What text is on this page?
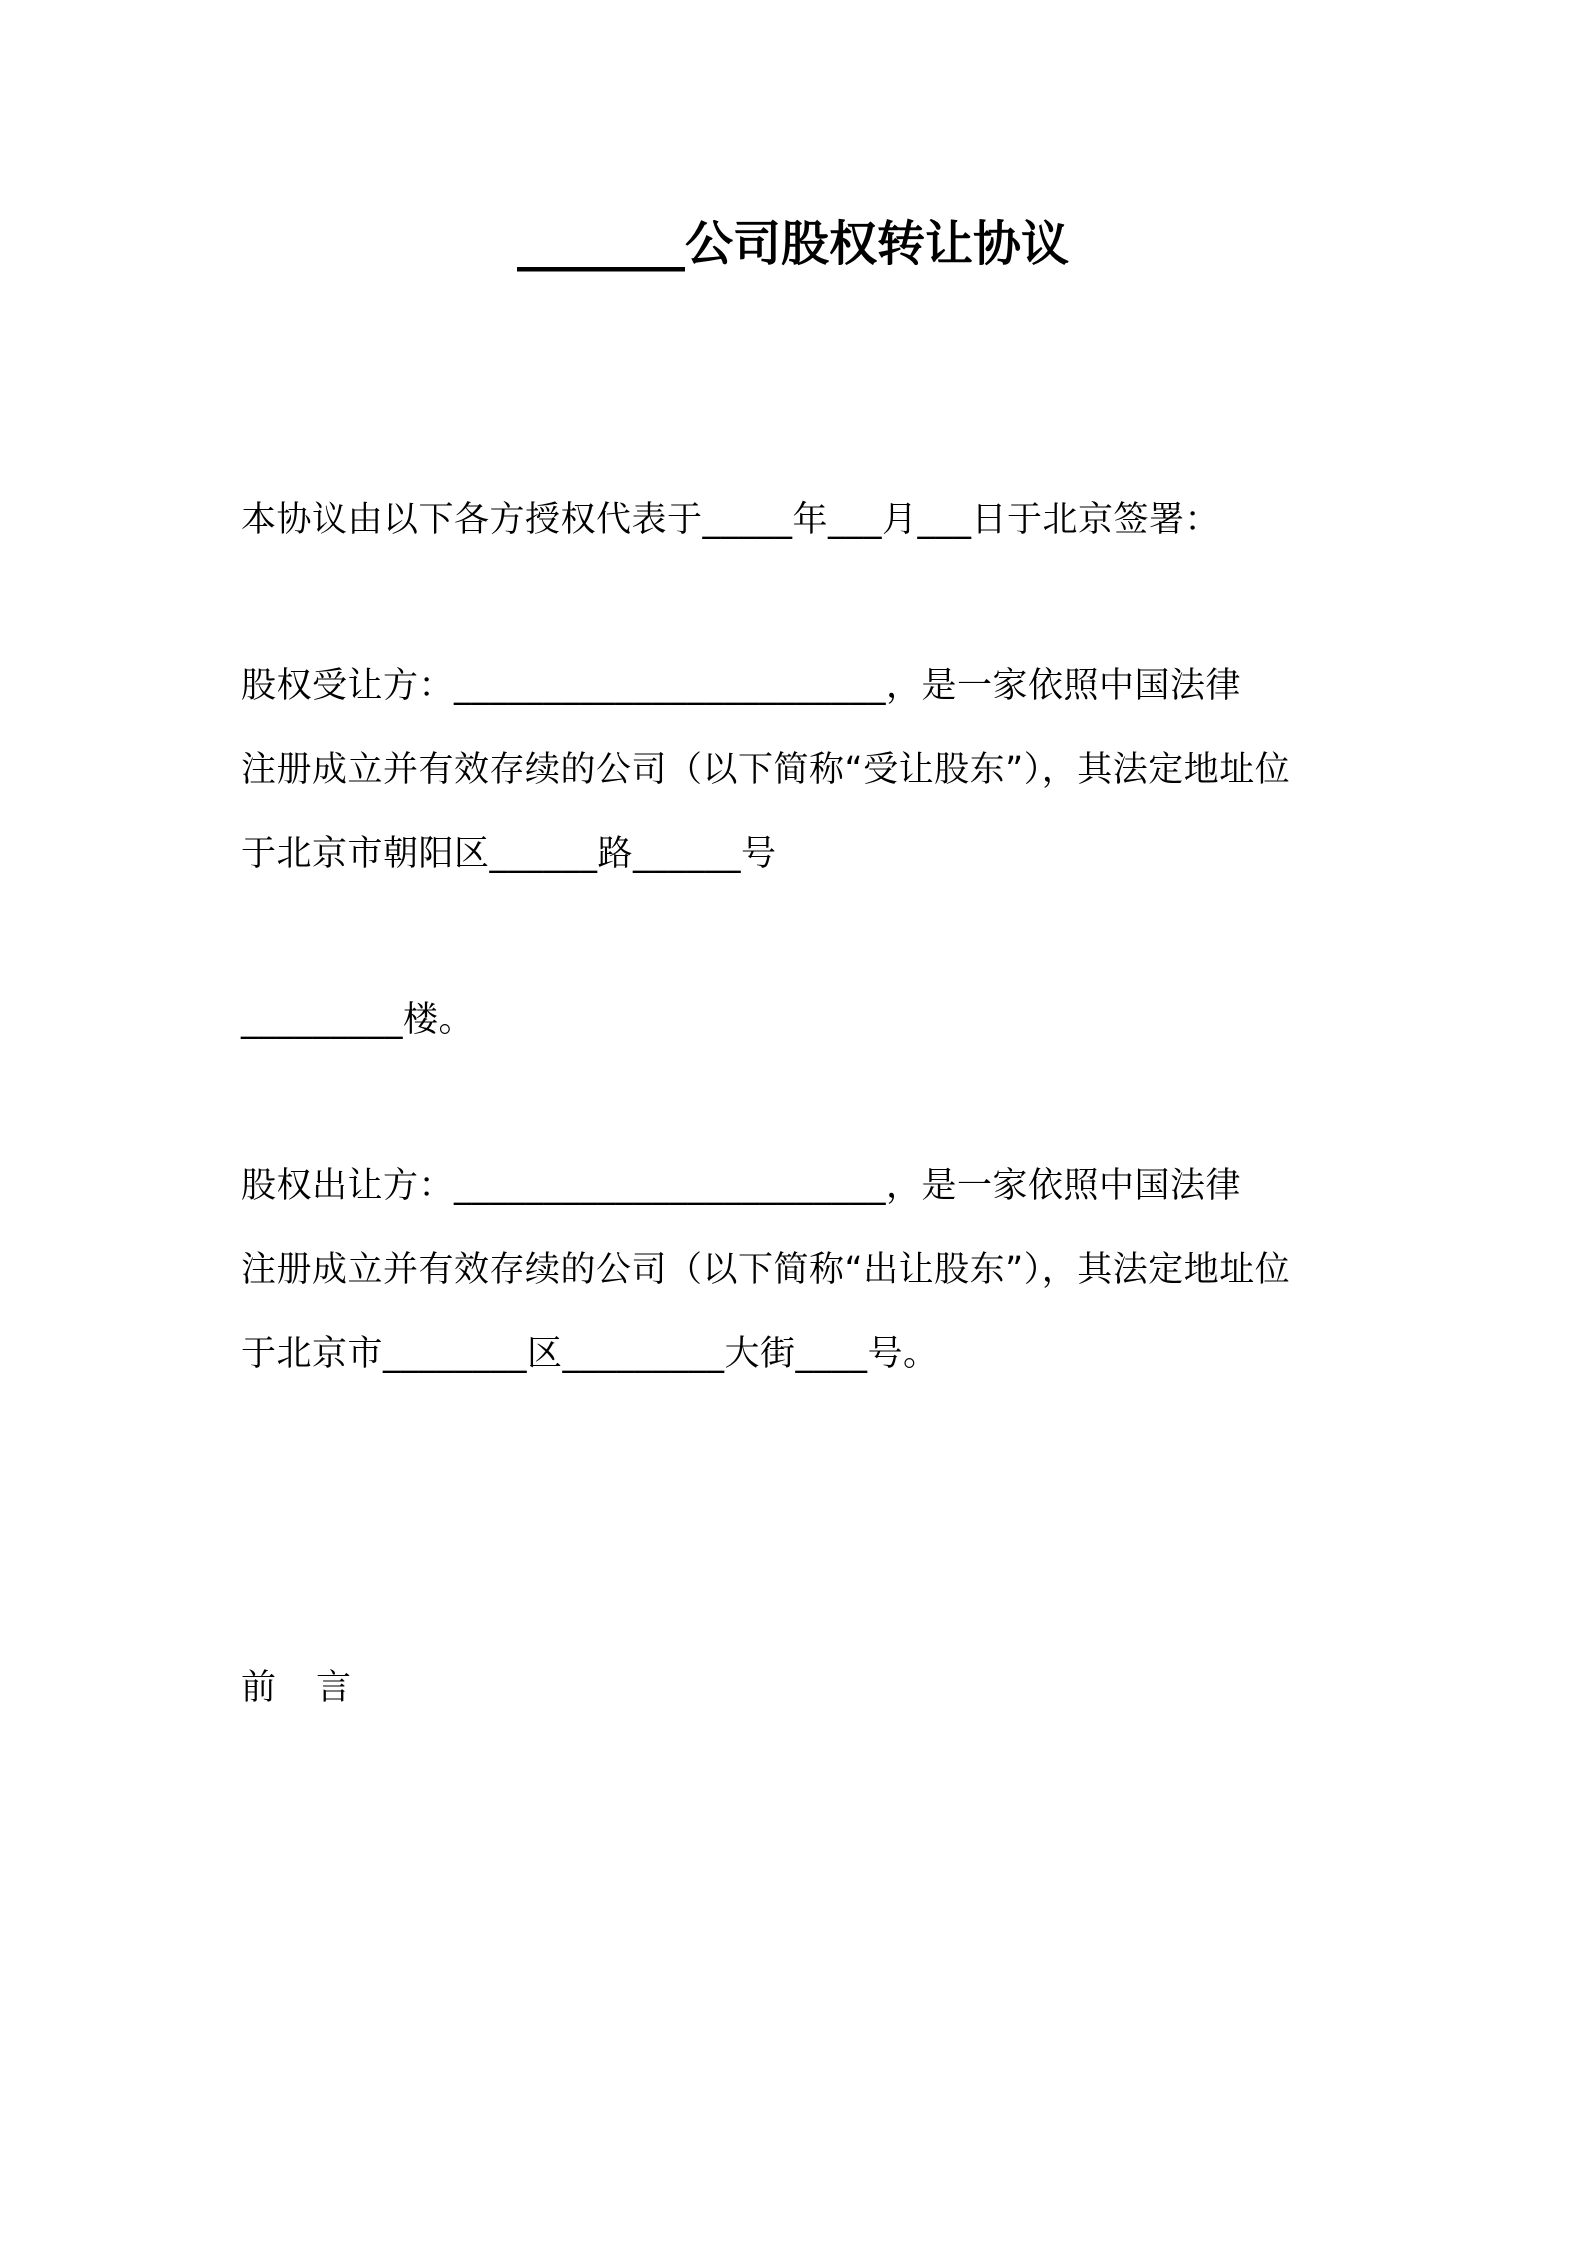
_______公司股权转让协议
本协议由以下各方授权代表于_____年___月___日于北京签署：
股权受让方：________________________，是一家依照中国法律
注册成立并有效存续的公司（以下简称“受让股东”），其法定地址位
于北京市朝阳区______路______号
_________楼。
股权出让方：________________________，是一家依照中国法律
注册成立并有效存续的公司（以下简称“出让股东”），其法定地址位
于北京市________区_________大街____号。
前言
